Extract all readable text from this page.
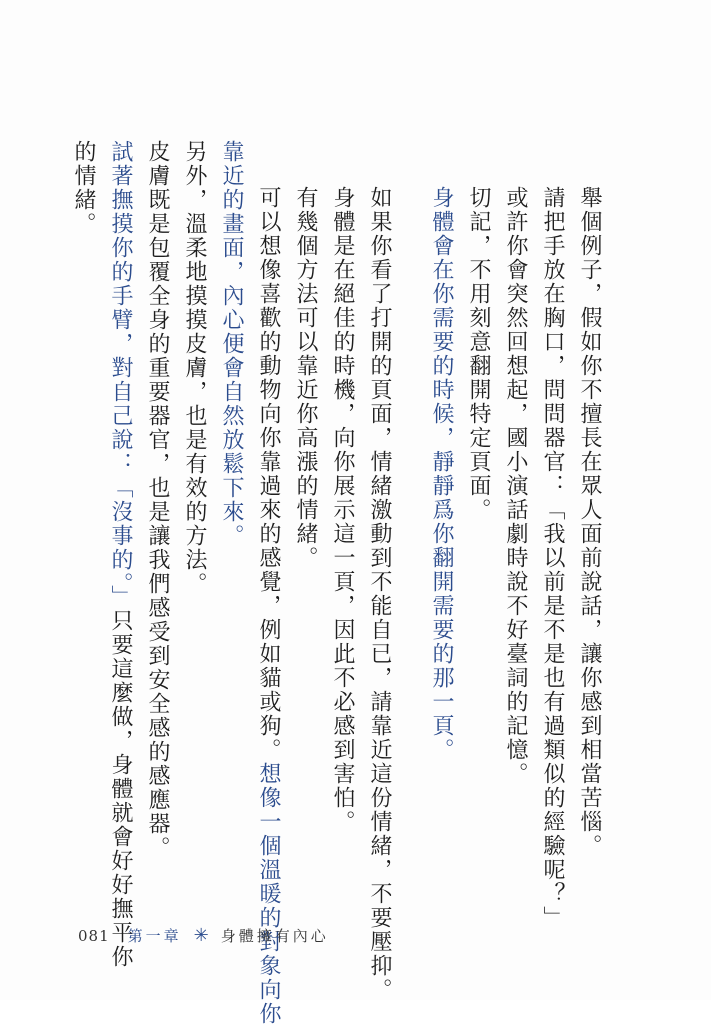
舉個例子，假如你不擅長在眾人面前說話，讓你感到相當苦惱。

請把手放在胸口，問問器官：「我以前是不是也有過類似的經驗呢？」

或許你會突然回想起，國小演話劇時說不好臺詞的記憶。

切記，不用刻意翻開特定頁面。

身體會在你需要的時候，靜靜爲你翻開需要的那一頁。

如果你看了打開的頁面，情緒激動到不能自已，請靠近這份情緒，不要壓抑。

身體是在絕佳的時機，向你展示這一頁，因此不必感到害怕。

有幾個方法可以靠近你高漲的情緒。

可以想像喜歡的動物向你靠過來的感覺，例如貓或狗。想像一個溫暖的對象向你

靠近的畫面，內心便會自然放鬆下來。

另外，溫柔地摸摸皮膚，也是有效的方法。

皮膚既是包覆全身的重要器官，也是讓我們感受到安全感的感應器。

試著撫摸你的手臂，對自己說：「沒事的。」只要這麼做，身體就會好好撫平你

的情緒。

081 第一章 ✳ 身體擁有內心
